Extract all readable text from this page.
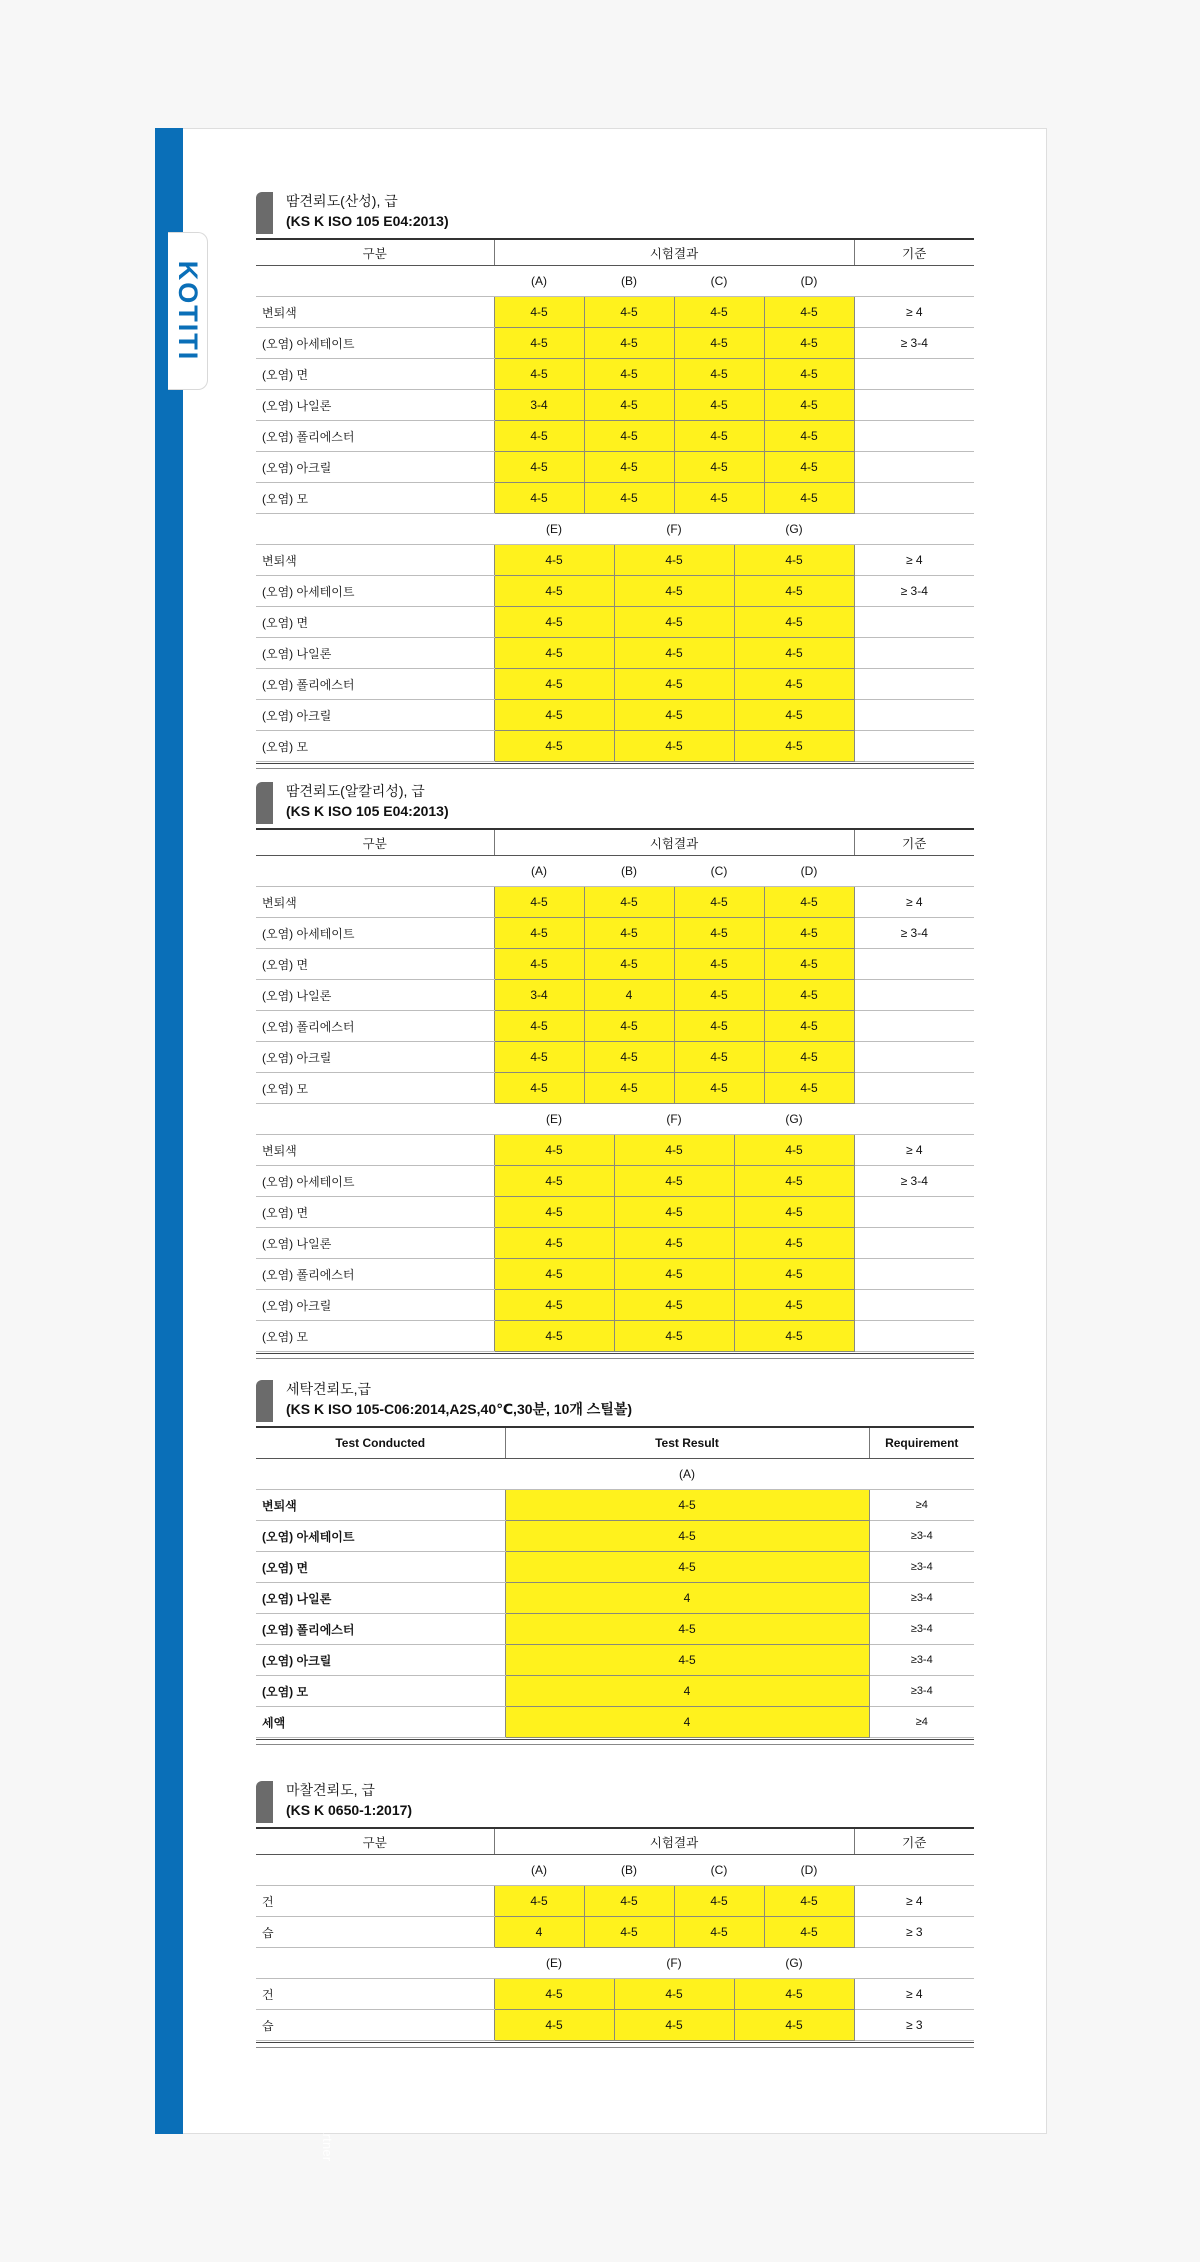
Global Business Partner
KOTITI
땀견뢰도(산성), 급
(KS K ISO 105 E04:2013)
구분	시험결과				기준
	(A)	(B)	(C)	(D)	
변퇴색	4-5	4-5	4-5	4-5	≥ 4
(오염) 아세테이트	4-5	4-5	4-5	4-5	≥ 3-4
(오염) 면	4-5	4-5	4-5	4-5	
(오염) 나일론	3-4	4-5	4-5	4-5	
(오염) 폴리에스터	4-5	4-5	4-5	4-5	
(오염) 아크릴	4-5	4-5	4-5	4-5	
(오염) 모	4-5	4-5	4-5	4-5	
	(E)	(F)	(G)	
변퇴색	4-5	4-5	4-5	≥ 4
(오염) 아세테이트	4-5	4-5	4-5	≥ 3-4
(오염) 면	4-5	4-5	4-5	
(오염) 나일론	4-5	4-5	4-5	
(오염) 폴리에스터	4-5	4-5	4-5	
(오염) 아크릴	4-5	4-5	4-5	
(오염) 모	4-5	4-5	4-5	
땀견뢰도(알칼리성), 급
(KS K ISO 105 E04:2013)
구분	시험결과				기준
	(A)	(B)	(C)	(D)	
변퇴색	4-5	4-5	4-5	4-5	≥ 4
(오염) 아세테이트	4-5	4-5	4-5	4-5	≥ 3-4
(오염) 면	4-5	4-5	4-5	4-5	
(오염) 나일론	3-4	4	4-5	4-5	
(오염) 폴리에스터	4-5	4-5	4-5	4-5	
(오염) 아크릴	4-5	4-5	4-5	4-5	
(오염) 모	4-5	4-5	4-5	4-5	
	(E)	(F)	(G)	
변퇴색	4-5	4-5	4-5	≥ 4
(오염) 아세테이트	4-5	4-5	4-5	≥ 3-4
(오염) 면	4-5	4-5	4-5	
(오염) 나일론	4-5	4-5	4-5	
(오염) 폴리에스터	4-5	4-5	4-5	
(오염) 아크릴	4-5	4-5	4-5	
(오염) 모	4-5	4-5	4-5	
세탁견뢰도,급
(KS K ISO 105-C06:2014,A2S,40℃,30분, 10개 스틸볼)
Test Conducted	Test Result	Requirement
	(A)	
변퇴색	4-5	≥4
(오염) 아세테이트	4-5	≥3-4
(오염) 면	4-5	≥3-4
(오염) 나일론	4	≥3-4
(오염) 폴리에스터	4-5	≥3-4
(오염) 아크릴	4-5	≥3-4
(오염) 모	4	≥3-4
세액	4	≥4
마찰견뢰도, 급
(KS K 0650-1:2017)
구분	시험결과				기준
	(A)	(B)	(C)	(D)	
건	4-5	4-5	4-5	4-5	≥ 4
습	4	4-5	4-5	4-5	≥ 3
	(E)	(F)	(G)	
건	4-5	4-5	4-5	≥ 4
습	4-5	4-5	4-5	≥ 3
